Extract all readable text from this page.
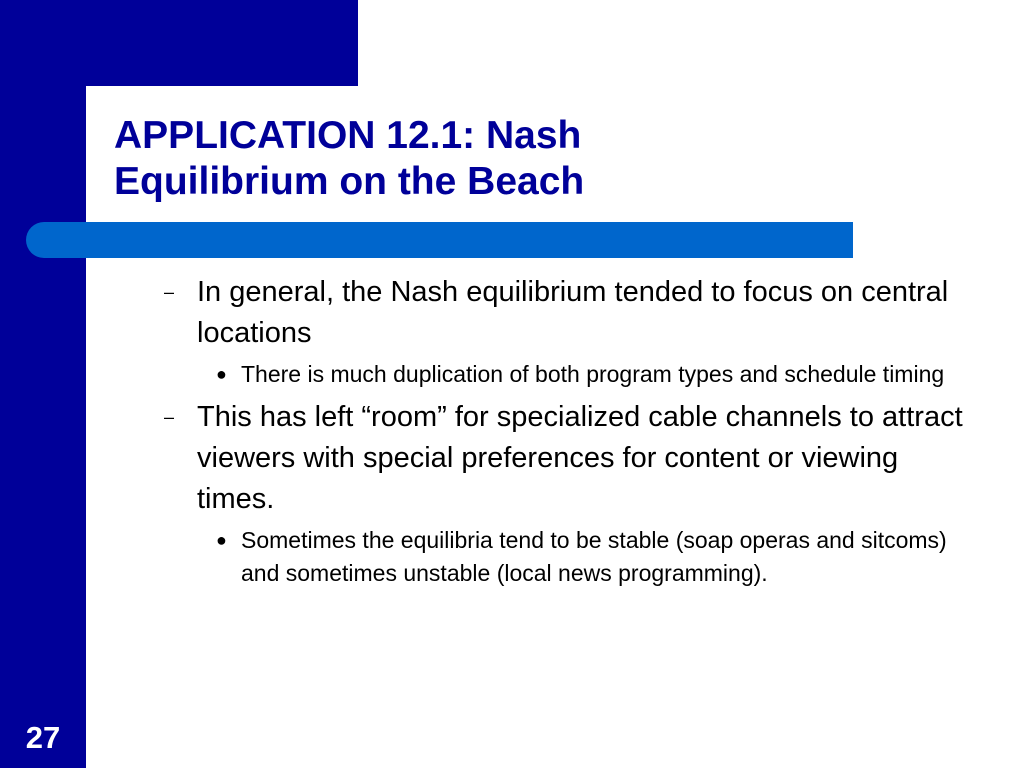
APPLICATION 12.1: Nash
Equilibrium on the Beach
– In general, the Nash equilibrium tended to focus on central locations
● There is much duplication of both program types and schedule timing
– This has left “room” for specialized cable channels to attract viewers with special preferences for content or viewing times.
● Sometimes the equilibria tend to be stable (soap operas and sitcoms) and sometimes unstable (local news programming).
27
